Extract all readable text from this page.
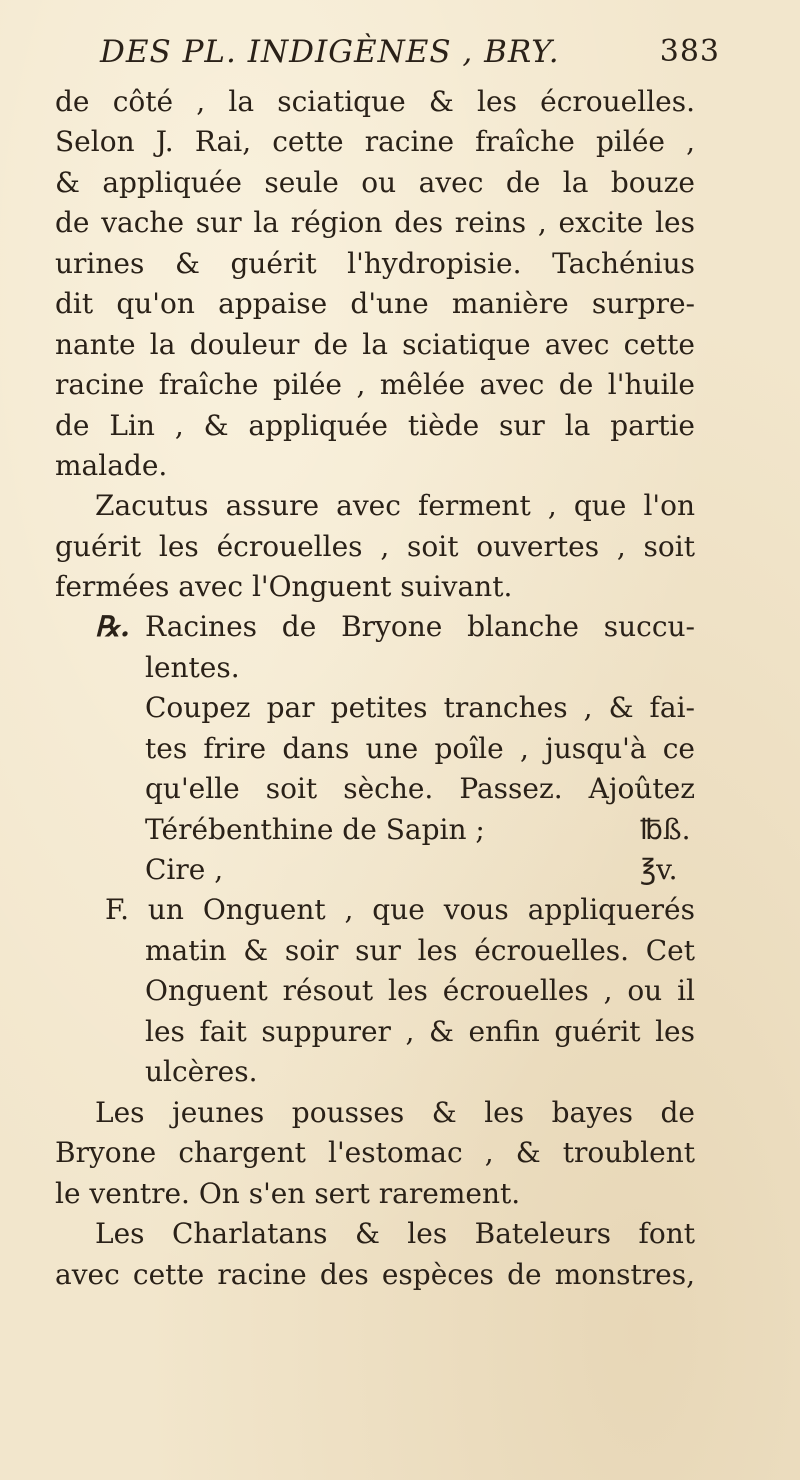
DES PL. INDIGÈNES , BRY.	383
de côté , la sciatique & les écrouelles.
Selon J. Rai, cette racine fraîche pilée ,
& appliquée seule ou avec de la bouze
de vache sur la région des reins , excite les
urines & guérit l'hydropisie. Tachénius
dit qu'on appaise d'une manière surpre-
nante la douleur de la sciatique avec cette
racine fraîche pilée , mêlée avec de l'huile
de Lin , & appliquée tiède sur la partie
malade.
Zacutus assure avec ferment , que l'on
guérit les écrouelles , soit ouvertes , soit
fermées avec l'Onguent suivant.
℞. Racines de Bryone blanche succu-
lentes.
Coupez par petites tranches , & fai-
tes frire dans une poîle , jusqu'à ce
qu'elle soit sèche. Passez. Ajoûtez
Térébenthine de Sapin ;	℔ß.
Cire ,	℥v.
F. un Onguent , que vous appliquerés
matin & soir sur les écrouelles. Cet
Onguent résout les écrouelles , ou il
les fait suppurer , & enfin guérit les
ulcères.
Les jeunes pousses & les bayes de
Bryone chargent l'estomac , & troublent
le ventre. On s'en sert rarement.
Les Charlatans & les Bateleurs font
avec cette racine des espèces de monstres,
